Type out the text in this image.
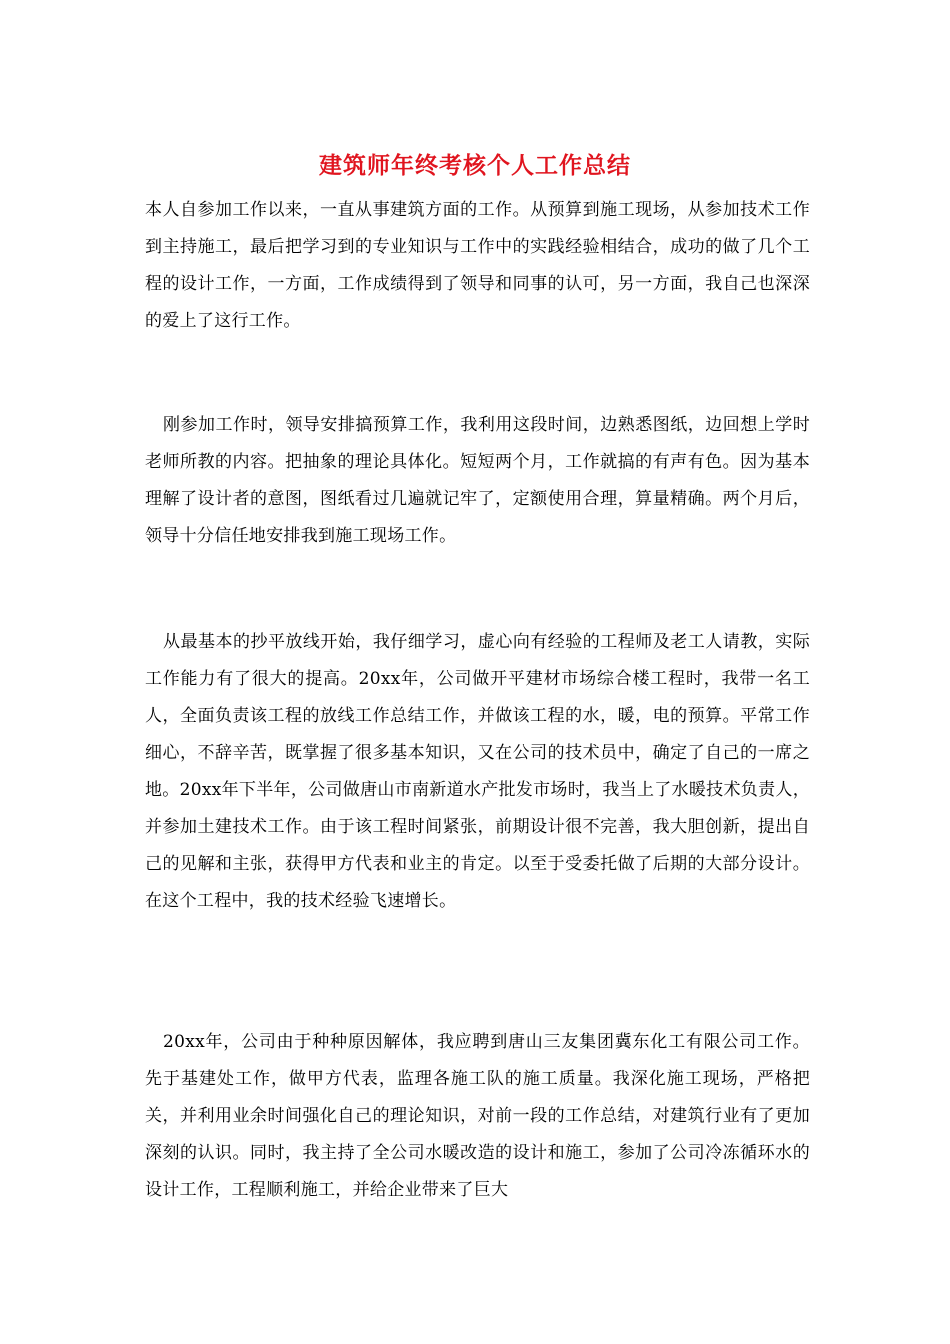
建筑师年终考核个人工作总结

本人自参加工作以来，一直从事建筑方面的工作。从预算到施工现场，从参加技术工作到主持施工，最后把学习到的专业知识与工作中的实践经验相结合，成功的做了几个工程的设计工作，一方面，工作成绩得到了领导和同事的认可，另一方面，我自己也深深的爱上了这行工作。

刚参加工作时，领导安排搞预算工作，我利用这段时间，边熟悉图纸，边回想上学时老师所教的内容。把抽象的理论具体化。短短两个月，工作就搞的有声有色。因为基本理解了设计者的意图，图纸看过几遍就记牢了，定额使用合理，算量精确。两个月后，领导十分信任地安排我到施工现场工作。

从最基本的抄平放线开始，我仔细学习，虚心向有经验的工程师及老工人请教，实际工作能力有了很大的提高。20xx年，公司做开平建材市场综合楼工程时，我带一名工人，全面负责该工程的放线工作总结工作，并做该工程的水，暖，电的预算。平常工作细心，不辞辛苦，既掌握了很多基本知识，又在公司的技术员中，确定了自己的一席之地。20xx年下半年，公司做唐山市南新道水产批发市场时，我当上了水暖技术负责人，并参加土建技术工作。由于该工程时间紧张，前期设计很不完善，我大胆创新，提出自己的见解和主张，获得甲方代表和业主的肯定。以至于受委托做了后期的大部分设计。在这个工程中，我的技术经验飞速增长。

20xx年，公司由于种种原因解体，我应聘到唐山三友集团冀东化工有限公司工作。先于基建处工作，做甲方代表，监理各施工队的施工质量。我深化施工现场，严格把关，并利用业余时间强化自己的理论知识，对前一段的工作总结，对建筑行业有了更加深刻的认识。同时，我主持了全公司水暖改造的设计和施工，参加了公司冷冻循环水的设计工作，工程顺利施工，并给企业带来了巨大
